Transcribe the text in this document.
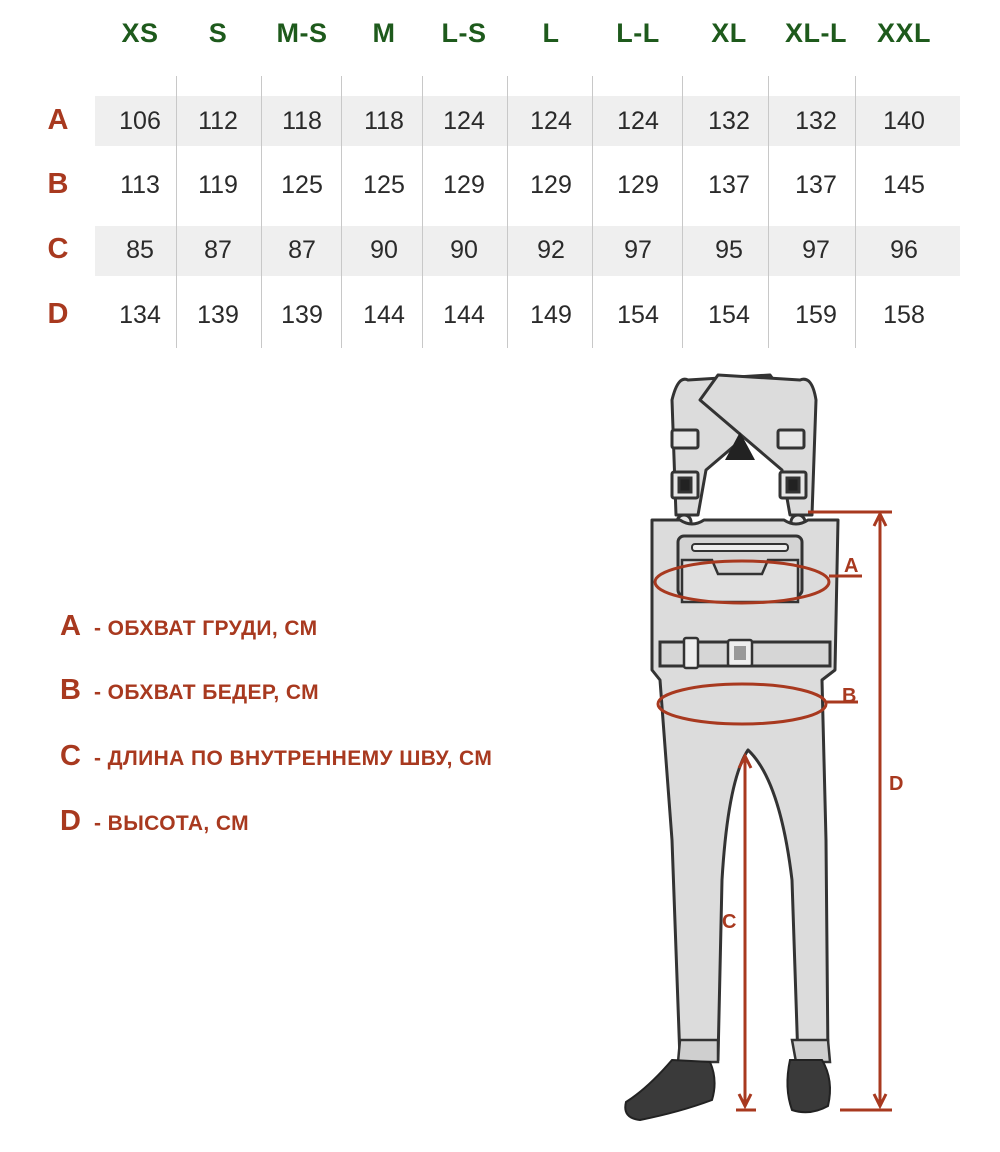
XS	S	M-S	M	L-S	L	L-L	XL	XL-L	XXL
A	106	112	118	118	124	124	124	132	132	140
B	113	119	125	125	129	129	129	137	137	145
C	85	87	87	90	90	92	97	95	97	96
D	134	139	139	144	144	149	154	154	159	158
A - ОБХВАТ ГРУДИ, СМ
B - ОБХВАТ БЕДЕР, СМ
C - ДЛИНА ПО ВНУТРЕННЕМУ ШВУ, СМ
D - ВЫСОТА, СМ
A
B
C
D
